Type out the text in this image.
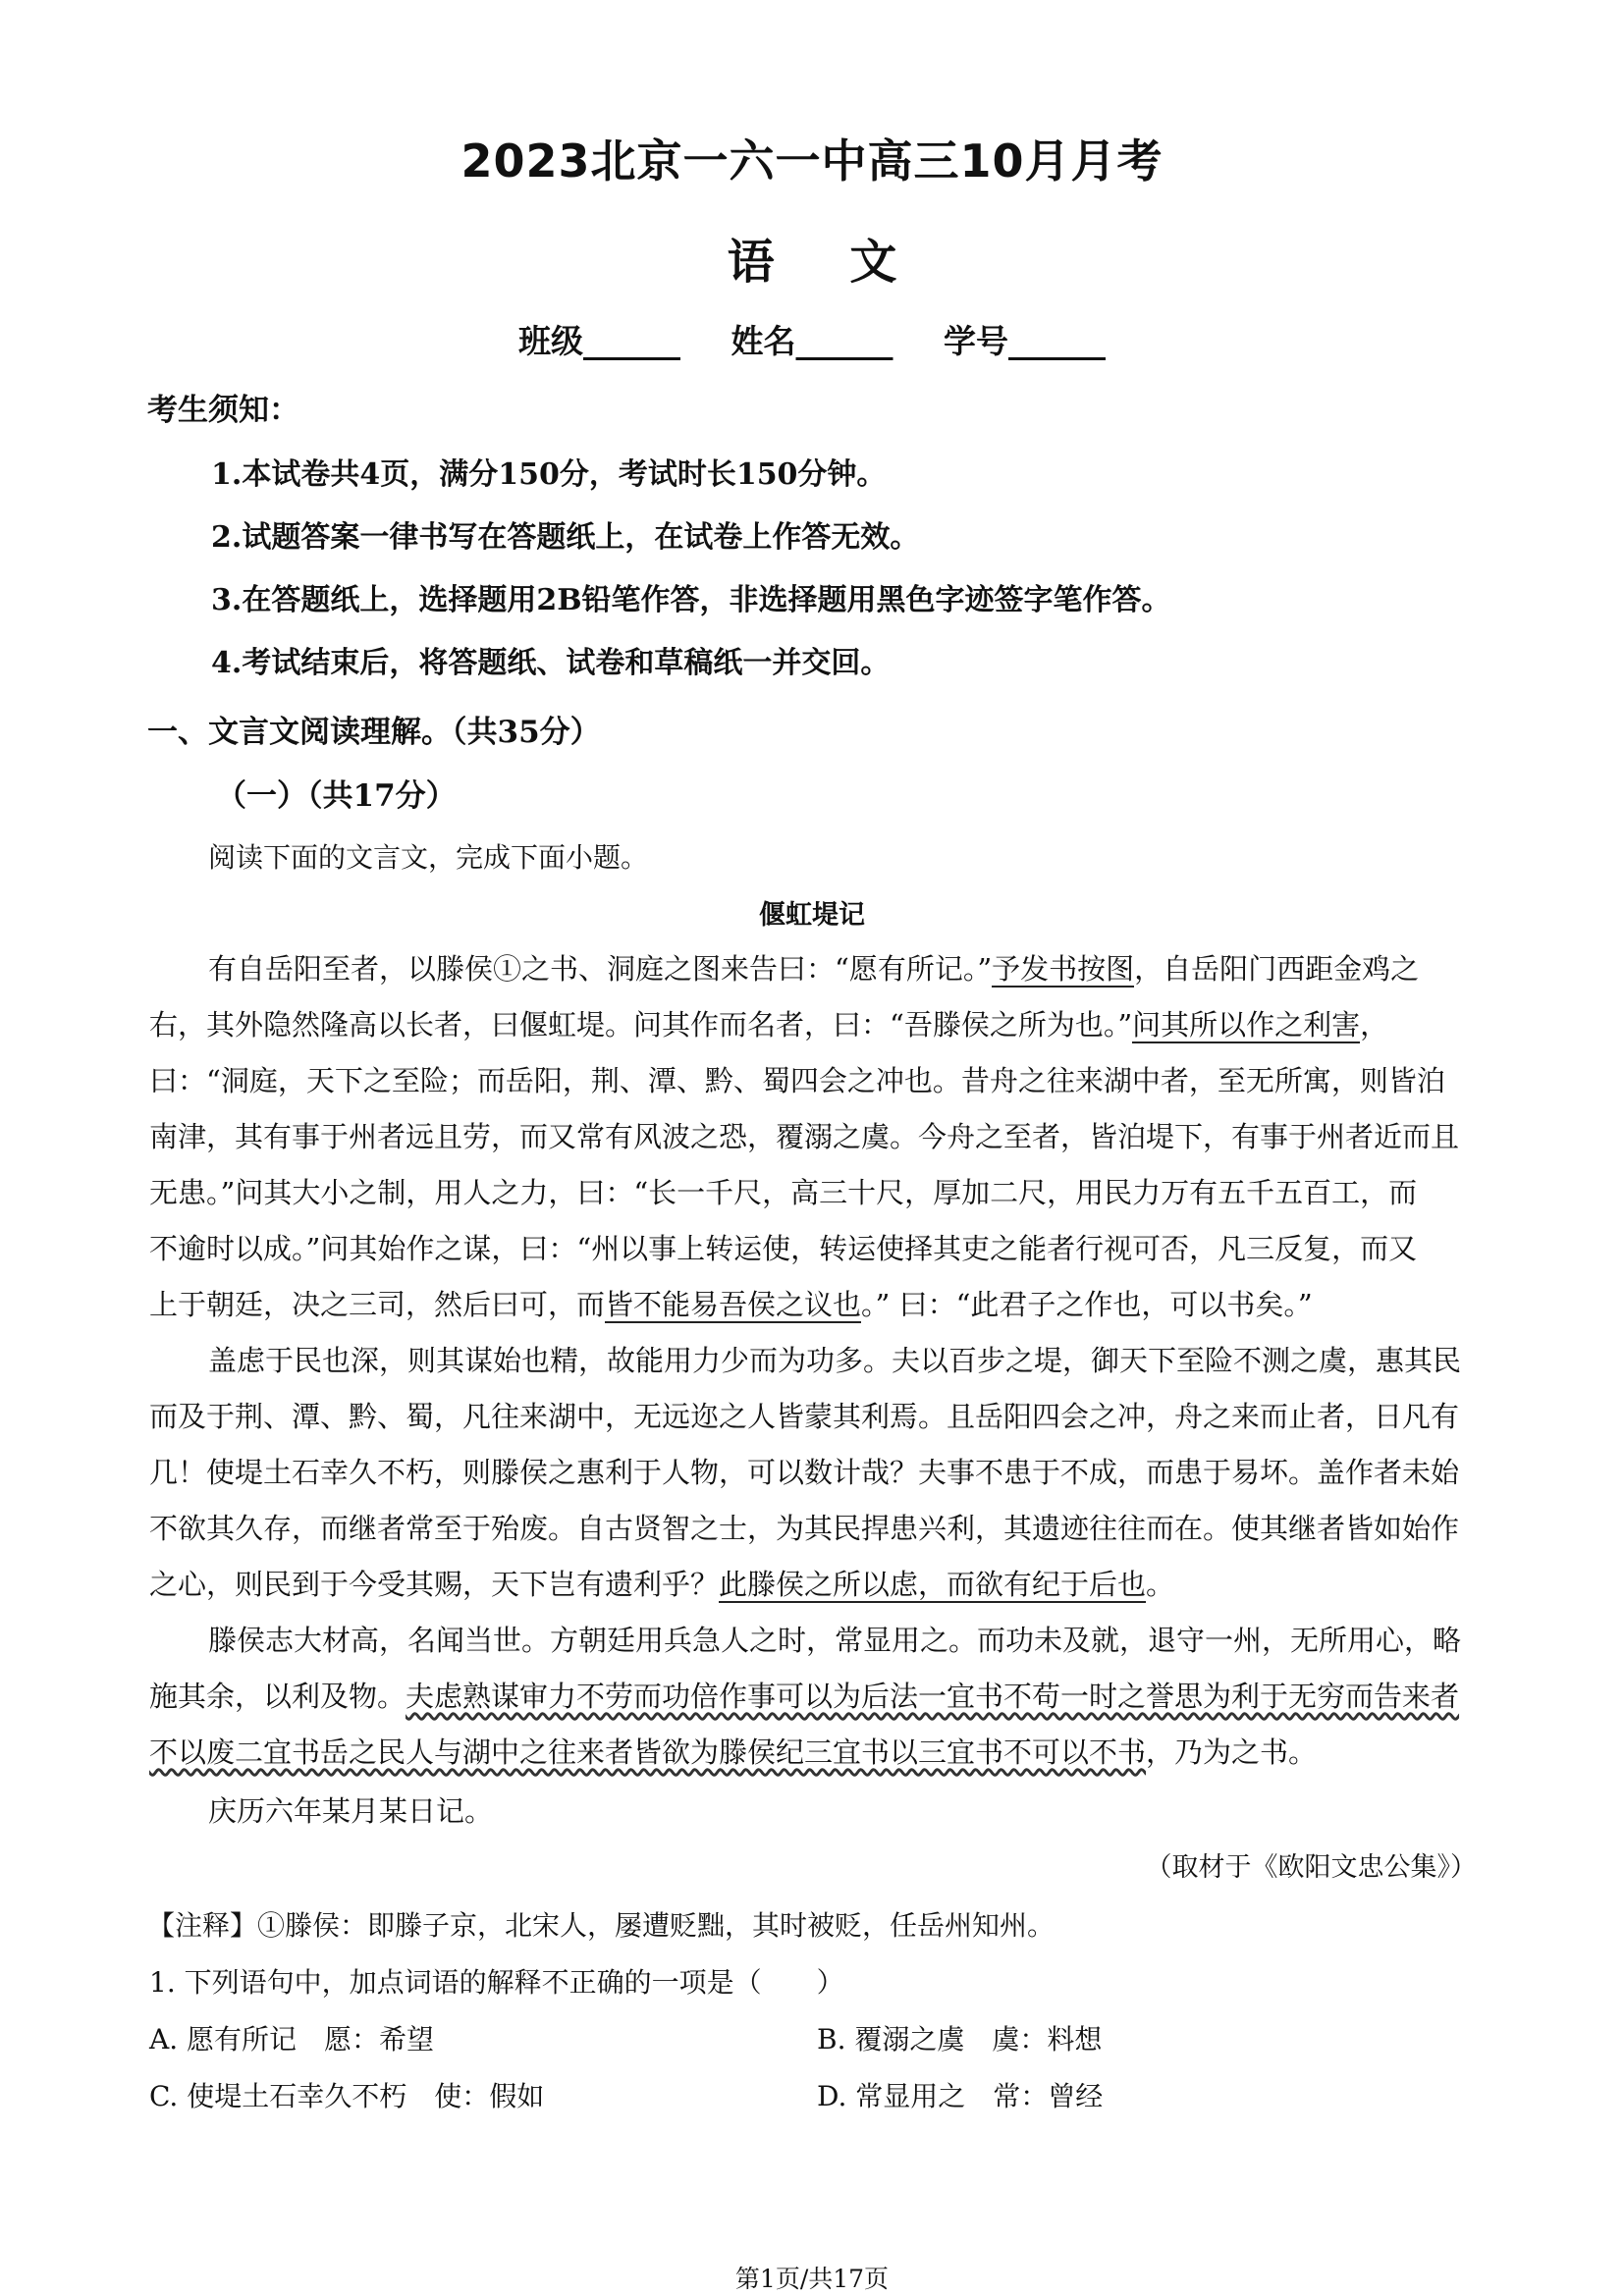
2023北京一六一中高三10月月考
语 文
班级______ 姓名______ 学号______
考生须知：
1.本试卷共4页，满分150分，考试时长150分钟。
2.试题答案一律书写在答题纸上，在试卷上作答无效。
3.在答题纸上，选择题用2B铅笔作答，非选择题用黑色字迹签字笔作答。
4.考试结束后，将答题纸、试卷和草稿纸一并交回。
一、文言文阅读理解。（共35分）
（一）（共17分）
阅读下面的文言文，完成下面小题。
偃虹堤记
有自岳阳至者，以滕侯①之书、洞庭之图来告曰：“愿有所记。”予发书按图，自岳阳门西距金鸡之
右，其外隐然隆高以长者，曰偃虹堤。问其作而名者，曰：“吾滕侯之所为也。”问其所以作之利害，
曰：“洞庭，天下之至险；而岳阳，荆、潭、黔、蜀四会之冲也。昔舟之往来湖中者，至无所寓，则皆泊
南津，其有事于州者远且劳，而又常有风波之恐，覆溺之虞。今舟之至者，皆泊堤下，有事于州者近而且
无患。”问其大小之制，用人之力，曰：“长一千尺，高三十尺，厚加二尺，用民力万有五千五百工，而
不逾时以成。”问其始作之谋，曰：“州以事上转运使，转运使择其吏之能者行视可否，凡三反复，而又
上于朝廷，决之三司，然后曰可，而皆不能易吾侯之议也。” 曰：“此君子之作也，可以书矣。”
盖虑于民也深，则其谋始也精，故能用力少而为功多。夫以百步之堤，御天下至险不测之虞，惠其民
而及于荆、潭、黔、蜀，凡往来湖中，无远迩之人皆蒙其利焉。且岳阳四会之冲，舟之来而止者，日凡有
几！使堤土石幸久不朽，则滕侯之惠利于人物，可以数计哉？夫事不患于不成，而患于易坏。盖作者未始
不欲其久存，而继者常至于殆废。自古贤智之士，为其民捍患兴利，其遗迹往往而在。使其继者皆如始作
之心，则民到于今受其赐，天下岂有遗利乎？此滕侯之所以虑，而欲有纪于后也。
滕侯志大材高，名闻当世。方朝廷用兵急人之时，常显用之。而功未及就，退守一州，无所用心，略
施其余，以利及物。夫虑熟谋审力不劳而功倍作事可以为后法一宜书不苟一时之誉思为利于无穷而告来者
不以废二宜书岳之民人与湖中之往来者皆欲为滕侯纪三宜书以三宜书不可以不书，乃为之书。
庆历六年某月某日记。
（取材于《欧阳文忠公集》）
【注释】①滕侯：即滕子京，北宋人，屡遭贬黜，其时被贬，任岳州知州。
1. 下列语句中，加点词语的解释不正确的一项是（　　）
A. 愿有所记　愿：希望	B. 覆溺之虞　虞：料想
C. 使堤土石幸久不朽　使：假如	D. 常显用之　常：曾经
第1页/共17页
